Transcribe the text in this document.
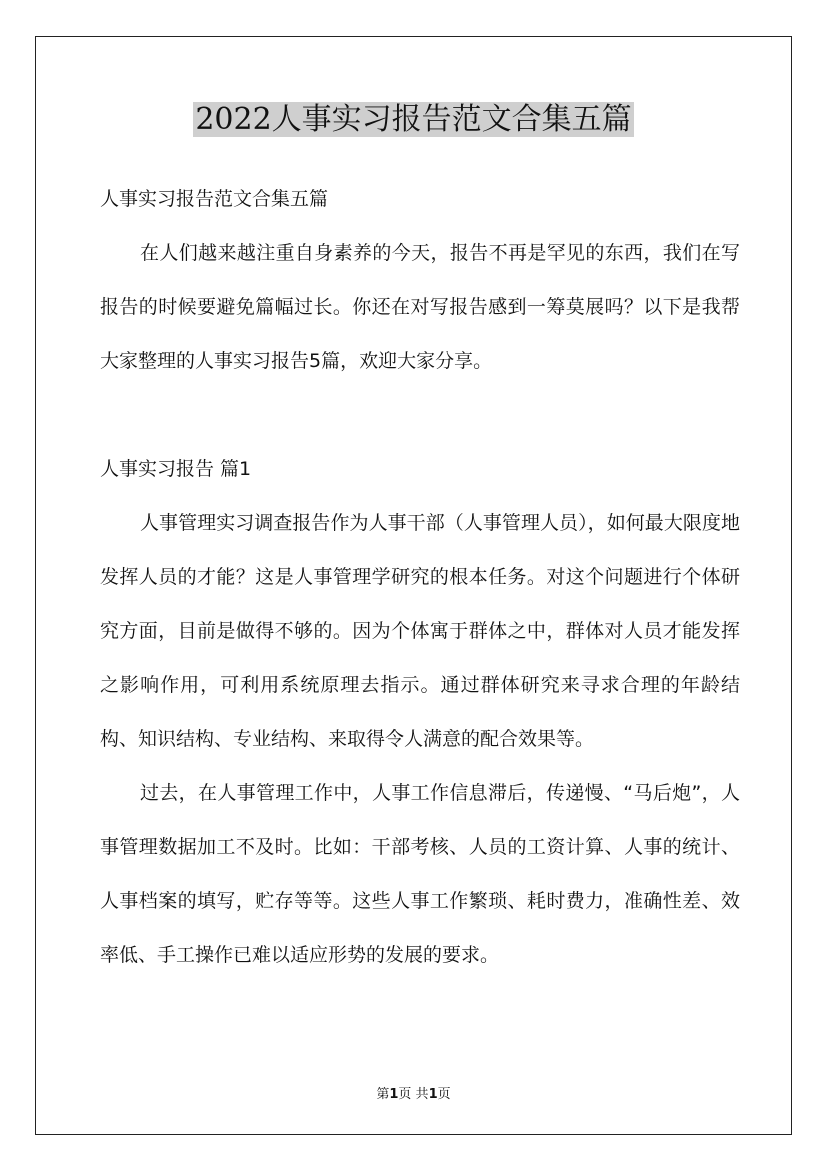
2022人事实习报告范文合集五篇

人事实习报告范文合集五篇

在人们越来越注重自身素养的今天，报告不再是罕见的东西，我们在写报告的时候要避免篇幅过长。你还在对写报告感到一筹莫展吗？以下是我帮大家整理的人事实习报告5篇，欢迎大家分享。

人事实习报告 篇1

人事管理实习调查报告作为人事干部（人事管理人员），如何最大限度地发挥人员的才能？这是人事管理学研究的根本任务。对这个问题进行个体研究方面，目前是做得不够的。因为个体寓于群体之中，群体对人员才能发挥之影响作用，可利用系统原理去指示。通过群体研究来寻求合理的年龄结构、知识结构、专业结构、来取得令人满意的配合效果等。

过去，在人事管理工作中，人事工作信息滞后，传递慢、“马后炮”，人事管理数据加工不及时。比如：干部考核、人员的工资计算、人事的统计、人事档案的填写，贮存等等。这些人事工作繁琐、耗时费力，准确性差、效率低、手工操作已难以适应形势的发展的要求。

第1页 共1页
